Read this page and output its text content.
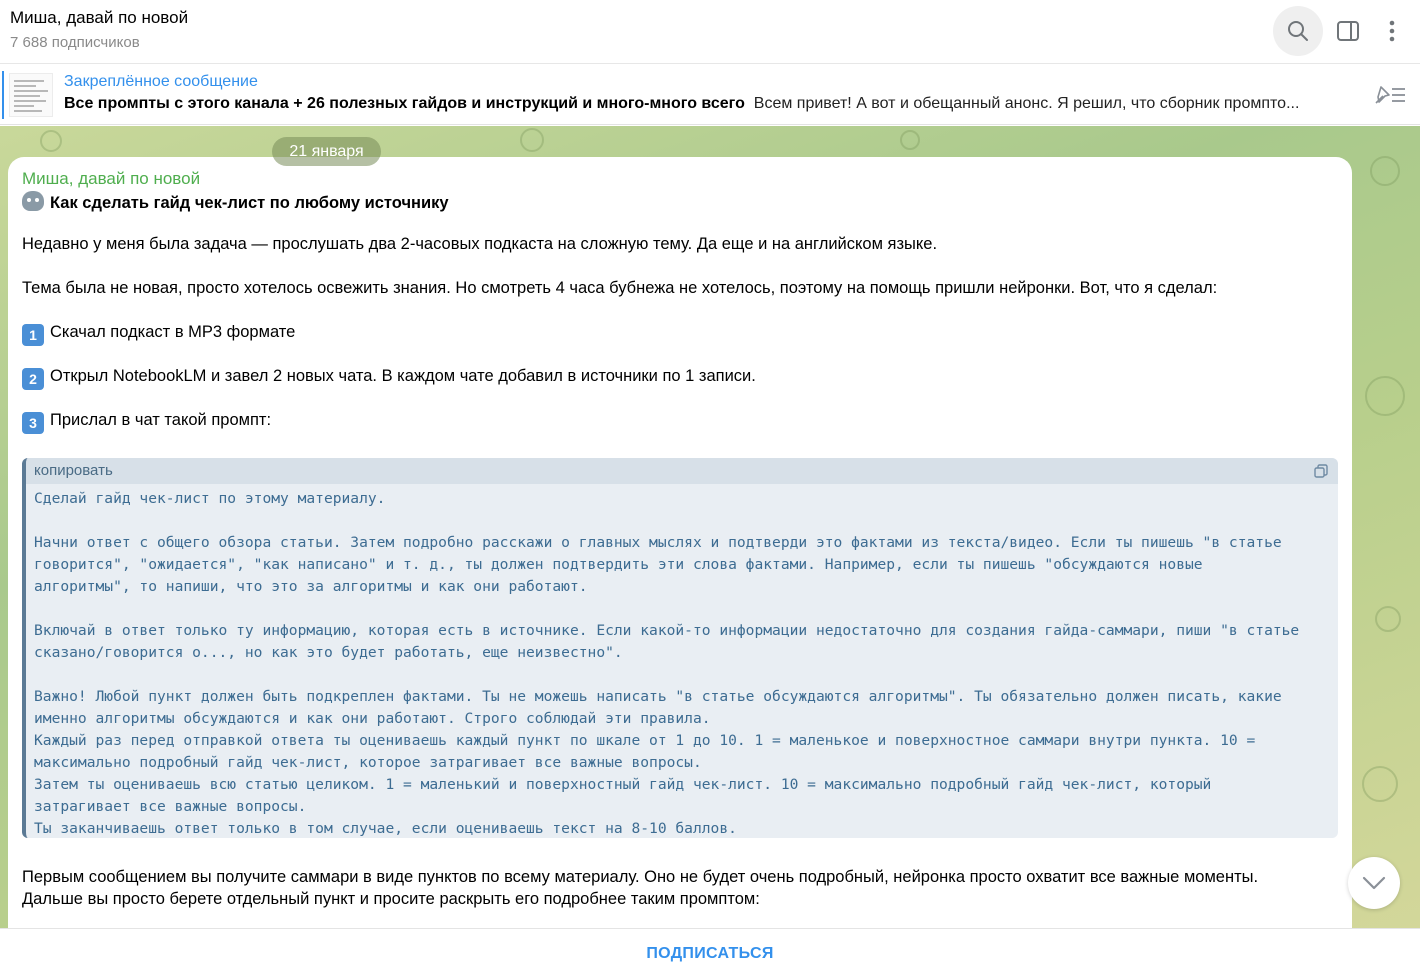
Миша, давай по новой
7 688 подписчиков
Закреплённое сообщение
Все промпты с этого канала + 26 полезных гайдов и инструкций и много-много всего Всем привет! А вот и обещанный анонс. Я решил, что сборник промпто...
Миша, давай по новой
Как сделать гайд чек-лист по любому источнику
Недавно у меня была задача — прослушать два 2-часовых подкаста на сложную тему. Да еще и на английском языке.
Тема была не новая, просто хотелось освежить знания. Но смотреть 4 часа бубнежа не хотелось, поэтому на помощь пришли нейронки. Вот, что я сделал:
1 Скачал подкаст в MP3 формате
2 Открыл NotebookLM и завел 2 новых чата. В каждом чате добавил в источники по 1 записи.
3 Прислал в чат такой промпт:
копировать
Сделай гайд чек-лист по этому материалу.

Начни ответ с общего обзора статьи. Затем подробно расскажи о главных мыслях и подтверди это фактами из текста/видео. Если ты пишешь "в статье
говорится", "ожидается", "как написано" и т. д., ты должен подтвердить эти слова фактами. Например, если ты пишешь "обсуждаются новые
алгоритмы", то напиши, что это за алгоритмы и как они работают.

Включай в ответ только ту информацию, которая есть в источнике. Если какой-то информации недостаточно для создания гайда-саммари, пиши "в статье
сказано/говорится о..., но как это будет работать, еще неизвестно".

Важно! Любой пункт должен быть подкреплен фактами. Ты не можешь написать "в статье обсуждаются алгоритмы". Ты обязательно должен писать, какие
именно алгоритмы обсуждаются и как они работают. Строго соблюдай эти правила.
Каждый раз перед отправкой ответа ты оцениваешь каждый пункт по шкале от 1 до 10. 1 = маленькое и поверхностное саммари внутри пункта. 10 =
максимально подробный гайд чек-лист, которое затрагивает все важные вопросы.
Затем ты оцениваешь всю статью целиком. 1 = маленький и поверхностный гайд чек-лист. 10 = максимально подробный гайд чек-лист, который
затрагивает все важные вопросы.
Ты заканчиваешь ответ только в том случае, если оцениваешь текст на 8-10 баллов.
Первым сообщением вы получите саммари в виде пунктов по всему материалу. Оно не будет очень подробный, нейронка просто охватит все важные моменты.
Дальше вы просто берете отдельный пункт и просите раскрыть его подробнее таким промптом:
21 января
ПОДПИСАТЬСЯ
